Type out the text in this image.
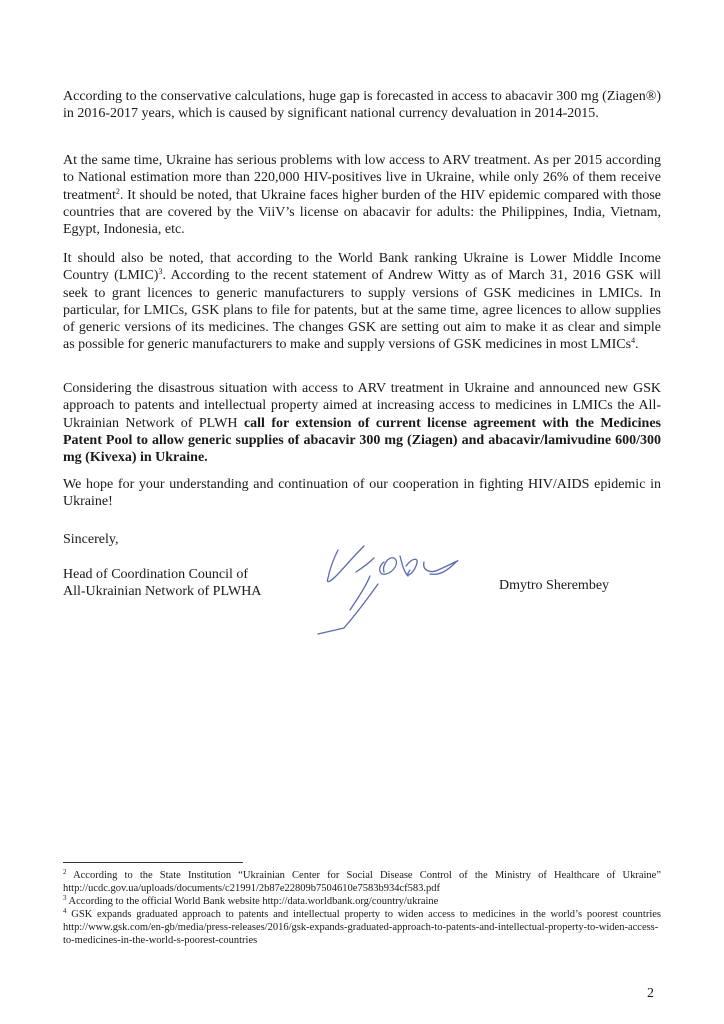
According to the conservative calculations, huge gap is forecasted in access to abacavir 300 mg (Ziagen®) in 2016-2017 years, which is caused by significant national currency devaluation in 2014-2015.

At the same time, Ukraine has serious problems with low access to ARV treatment. As per 2015 according to National estimation more than 220,000 HIV-positives live in Ukraine, while only 26% of them receive treatment$^2$. It should be noted, that Ukraine faces higher burden of the HIV epidemic compared with those countries that are covered by the ViiV’s license on abacavir for adults: the Philippines, India, Vietnam, Egypt, Indonesia, etc.

It should also be noted, that according to the World Bank ranking Ukraine is Lower Middle Income Country (LMIC)$^3$. According to the recent statement of Andrew Witty as of March 31, 2016 GSK will seek to grant licences to generic manufacturers to supply versions of GSK medicines in LMICs. In particular, for LMICs, GSK plans to file for patents, but at the same time, agree licences to allow supplies of generic versions of its medicines. The changes GSK are setting out aim to make it as clear and simple as possible for generic manufacturers to make and supply versions of GSK medicines in most LMICs$^4$.

Considering the disastrous situation with access to ARV treatment in Ukraine and announced new GSK approach to patents and intellectual property aimed at increasing access to medicines in LMICs the All-Ukrainian Network of PLWH call for extension of current license agreement with the Medicines Patent Pool to allow generic supplies of abacavir 300 mg (Ziagen) and abacavir/lamivudine 600/300 mg (Kivexa) in Ukraine.

We hope for your understanding and continuation of our cooperation in fighting HIV/AIDS epidemic in Ukraine!

Sincerely,

Head of Coordination Council of

All-Ukrainian Network of PLWHA	Dmytro Sherembey

$^2$ According to the State Institution “Ukrainian Center for Social Disease Control of the Ministry of Healthcare of Ukraine” http://ucdc.gov.ua/uploads/documents/c21991/2b87e22809b7504610e7583b934cf583.pdf

$^3$ According to the official World Bank website http://data.worldbank.org/country/ukraine

$^4$ GSK expands graduated approach to patents and intellectual property to widen access to medicines in the world’s poorest countries http://www.gsk.com/en-gb/media/press-releases/2016/gsk-expands-graduated-approach-to-patents-and-intellectual-property-to-widen-access-to-medicines-in-the-world-s-poorest-countries

2
